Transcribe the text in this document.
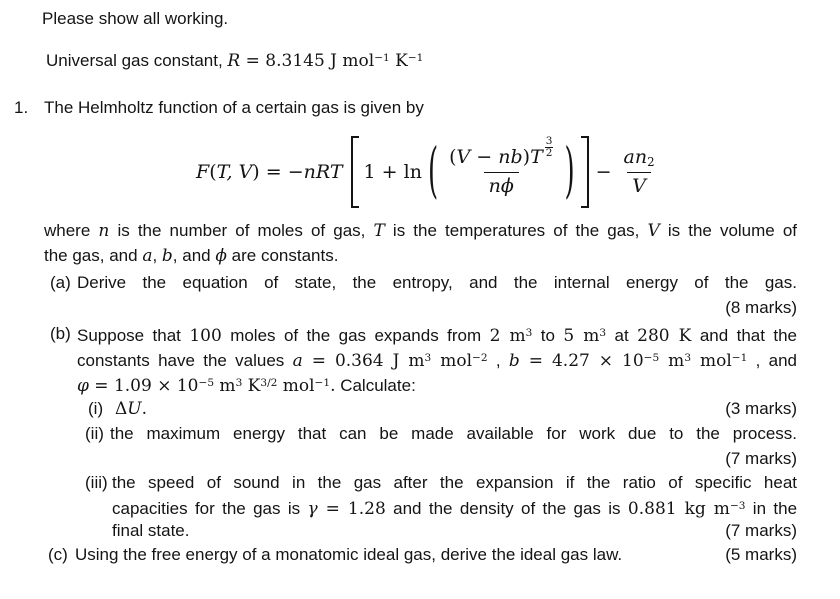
Please show all working.
Universal gas constant, R = 8.3145 J mol$^{-1}$ $K^{-1}$
1. The Helmholtz function of a certain gas is given by
F(T, V) = −nRT 1 + ln ( $\frac{(V - nb)T \frac{3}{2}}{n\phi}$ ) − $\frac{an 2}{V}$
where n is the number of moles of gas, T is the temperatures of the gas, V is the volume of
the gas, and a, b, and ϕ are constants.
(a) Derive the equation of state, the entropy, and the internal energy of the gas.
(8 marks)
(b) Suppose that 100 moles of the gas expands from 2 $m^3$ to 5 $m^3$ at 280 K and that the
constants have the values a = 0.364 J $m^3$ mol$^{-2}$ , $b = 4.27 \times 10^{-5}$ $m^3$ mol$^{-1}$ , and
$\varphi = 1.09 \times 10^{-5}$ $m^3$ $K^{3/2}$ mol$^{-1}$. Calculate:
(i) ΔU.	(3 marks)
(ii) the maximum energy that can be made available for work due to the process.
(7 marks)
(iii) the speed of sound in the gas after the expansion if the ratio of specific heat
capacities for the gas is γ = 1.28 and the density of the gas is 0.881 kg $m^{-3}$ in the
final state.	(7 marks)
(c) Using the free energy of a monatomic ideal gas, derive the ideal gas law.	(5 marks)
